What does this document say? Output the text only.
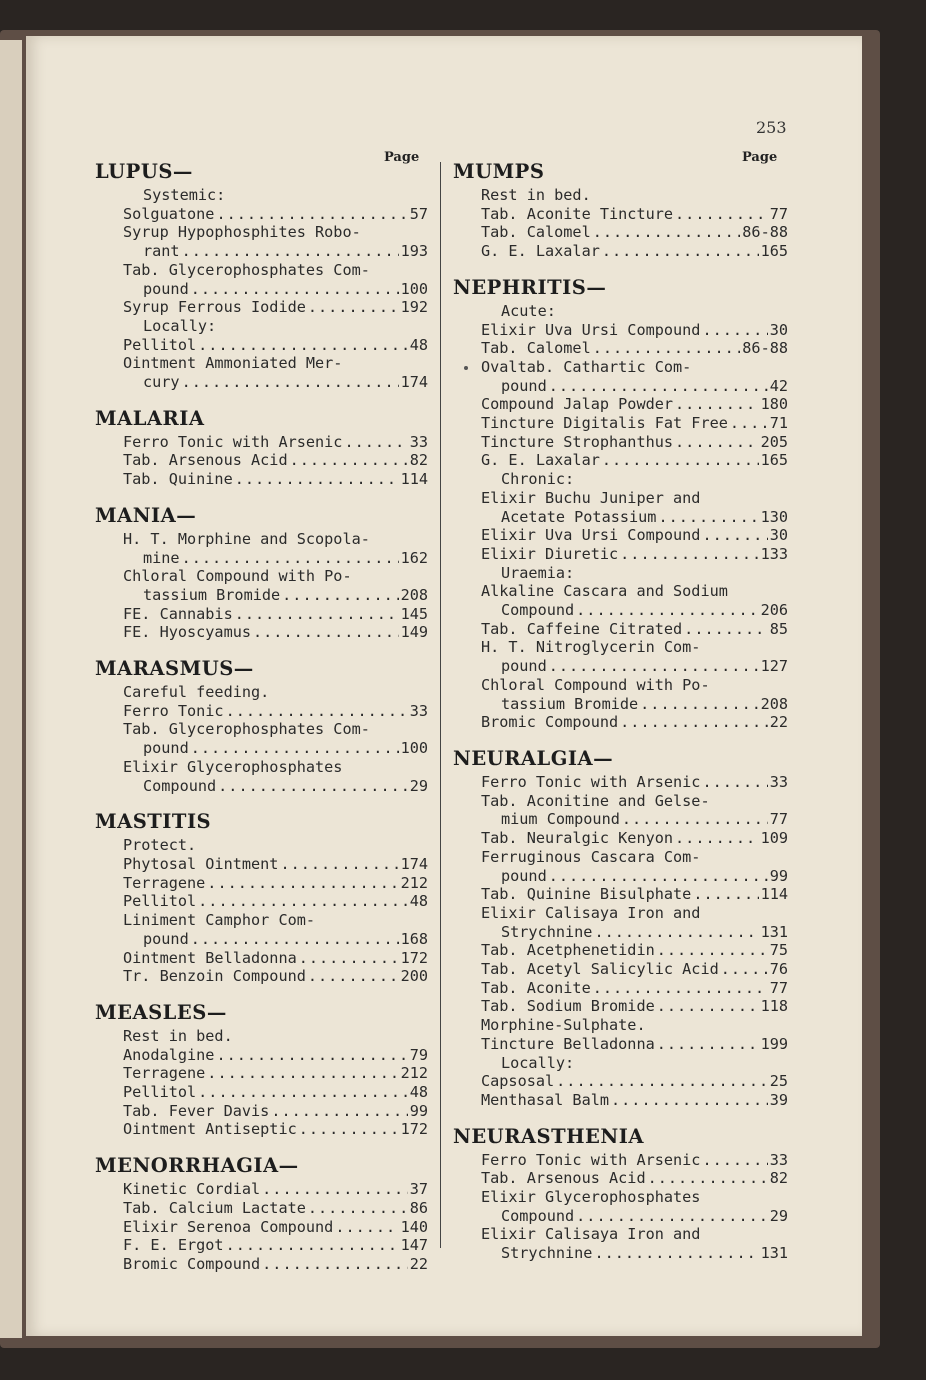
253
Page	Page
LUPUS—
Systemic:
Solguatone .....	57
Syrup Hypophosphites Robo-
rant .....	193
Tab. Glycerophosphates Com-
pound .....	100
Syrup Ferrous Iodide .....	192
Locally:
Pellitol .....	48
Ointment Ammoniated Mer-
cury .....	174
MALARIA
Ferro Tonic with Arsenic .....	33
Tab. Arsenous Acid .....	82
Tab. Quinine .....	114
MANIA—
H. T. Morphine and Scopola-
mine .....	162
Chloral Compound with Po-
tassium Bromide .....	208
FE. Cannabis .....	145
FE. Hyoscyamus .....	149
MARASMUS—
Careful feeding.
Ferro Tonic .....	33
Tab. Glycerophosphates Com-
pound .....	100
Elixir Glycerophosphates
Compound .....	29
MASTITIS
Protect.
Phytosal Ointment .....	174
Terragene .....	212
Pellitol .....	48
Liniment Camphor Com-
pound .....	168
Ointment Belladonna .....	172
Tr. Benzoin Compound .....	200
MEASLES—
Rest in bed.
Anodalgine .....	79
Terragene .....	212
Pellitol .....	48
Tab. Fever Davis .....	99
Ointment Antiseptic .....	172
MENORRHAGIA—
Kinetic Cordial .....	37
Tab. Calcium Lactate .....	86
Elixir Serenoa Compound .....	140
F. E. Ergot .....	147
Bromic Compound .....	22
MUMPS
Rest in bed.
Tab. Aconite Tincture .....	77
Tab. Calomel .....	86-88
G. E. Laxalar .....	165
NEPHRITIS—
Acute:
Elixir Uva Ursi Compound .....	30
Tab. Calomel .....	86-88
Ovaltab. Cathartic Com-
pound .....	42
Compound Jalap Powder .....	180
Tincture Digitalis Fat Free .....	71
Tincture Strophanthus .....	205
G. E. Laxalar .....	165
Chronic:
Elixir Buchu Juniper and
Acetate Potassium .....	130
Elixir Uva Ursi Compound .....	30
Elixir Diuretic .....	133
Uraemia:
Alkaline Cascara and Sodium
Compound .....	206
Tab. Caffeine Citrated .....	85
H. T. Nitroglycerin Com-
pound .....	127
Chloral Compound with Po-
tassium Bromide .....	208
Bromic Compound .....	22
NEURALGIA—
Ferro Tonic with Arsenic .....	33
Tab. Aconitine and Gelse-
mium Compound .....	77
Tab. Neuralgic Kenyon .....	109
Ferruginous Cascara Com-
pound .....	99
Tab. Quinine Bisulphate .....	114
Elixir Calisaya Iron and
Strychnine .....	131
Tab. Acetphenetidin .....	75
Tab. Acetyl Salicylic Acid .....	76
Tab. Aconite .....	77
Tab. Sodium Bromide .....	118
Morphine-Sulphate.
Tincture Belladonna .....	199
Locally:
Capsosal .....	25
Menthasal Balm .....	39
NEURASTHENIA
Ferro Tonic with Arsenic .....	33
Tab. Arsenous Acid .....	82
Elixir Glycerophosphates
Compound .....	29
Elixir Calisaya Iron and
Strychnine .....	131
